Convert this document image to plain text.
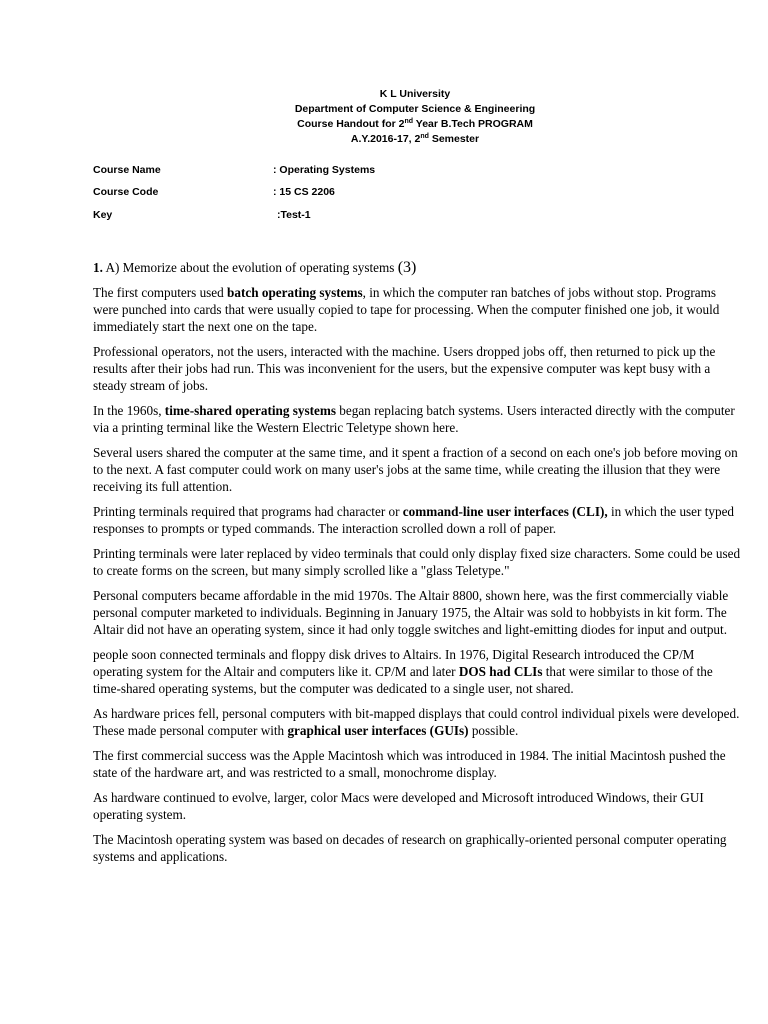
K L University
Department of Computer Science & Engineering
Course Handout for 2nd Year B.Tech PROGRAM
A.Y.2016-17, 2nd Semester
Course Name	: Operating Systems
Course Code	: 15 CS 2206
Key	:Test-1
1. A) Memorize about the evolution of operating systems (3)

The first computers used batch operating systems, in which the computer ran batches of jobs without stop. Programs were punched into cards that were usually copied to tape for processing. When the computer finished one job, it would immediately start the next one on the tape.

Professional operators, not the users, interacted with the machine. Users dropped jobs off, then returned to pick up the results after their jobs had run. This was inconvenient for the users, but the expensive computer was kept busy with a steady stream of jobs.

In the 1960s, time-shared operating systems began replacing batch systems. Users interacted directly with the computer via a printing terminal like the Western Electric Teletype shown here.

Several users shared the computer at the same time, and it spent a fraction of a second on each one's job before moving on to the next. A fast computer could work on many user's jobs at the same time, while creating the illusion that they were receiving its full attention.

Printing terminals required that programs had character or command-line user interfaces (CLI), in which the user typed responses to prompts or typed commands. The interaction scrolled down a roll of paper.

Printing terminals were later replaced by video terminals that could only display fixed size characters. Some could be used to create forms on the screen, but many simply scrolled like a "glass Teletype."

Personal computers became affordable in the mid 1970s. The Altair 8800, shown here, was the first commercially viable personal computer marketed to individuals. Beginning in January 1975, the Altair was sold to hobbyists in kit form. The Altair did not have an operating system, since it had only toggle switches and light-emitting diodes for input and output.

people soon connected terminals and floppy disk drives to Altairs. In 1976, Digital Research introduced the CP/M operating system for the Altair and computers like it. CP/M and later DOS had CLIs that were similar to those of the time-shared operating systems, but the computer was dedicated to a single user, not shared.

As hardware prices fell, personal computers with bit-mapped displays that could control individual pixels were developed. These made personal computer with graphical user interfaces (GUIs) possible.

The first commercial success was the Apple Macintosh which was introduced in 1984. The initial Macintosh pushed the state of the hardware art, and was restricted to a small, monochrome display.

As hardware continued to evolve, larger, color Macs were developed and Microsoft introduced Windows, their GUI operating system.

The Macintosh operating system was based on decades of research on graphically-oriented personal computer operating systems and applications.
